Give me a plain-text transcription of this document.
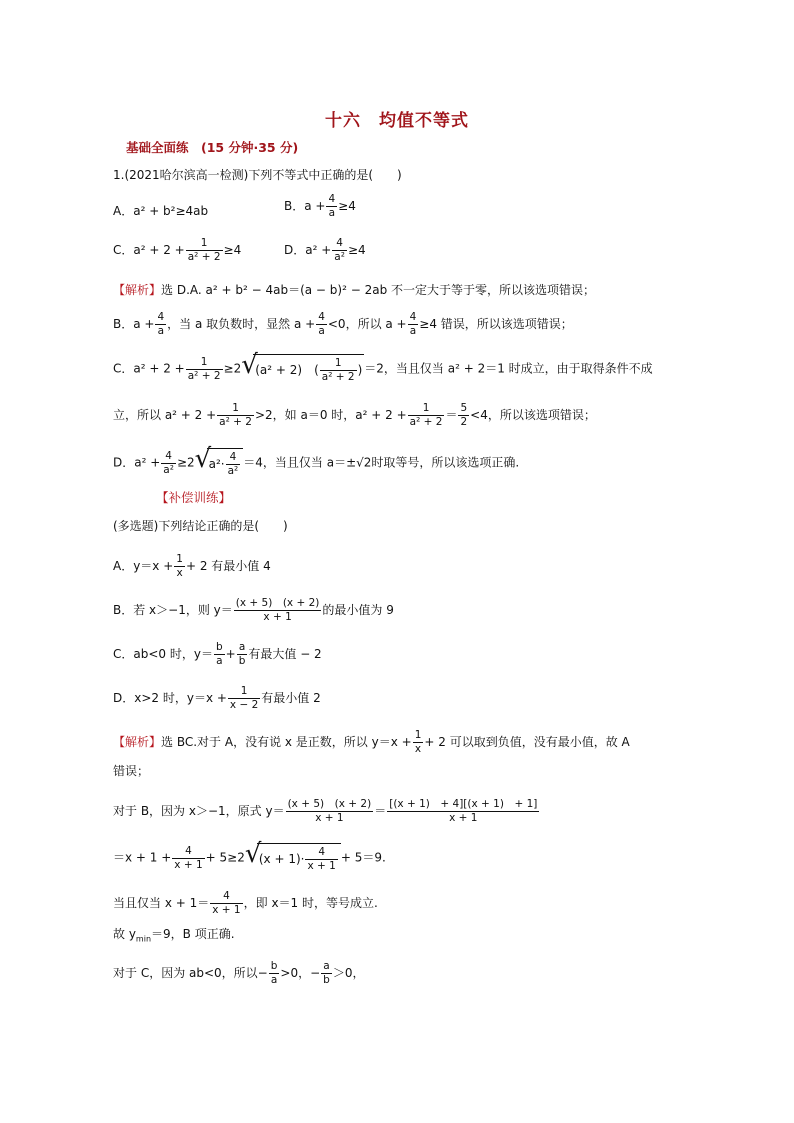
十六 均值不等式
基础全面练　(15 分钟·35 分)
1.(2021哈尔滨高一检测)下列不等式中正确的是(　　)
A．a² + b²≥4ab	B．$a + \frac{4}{a} \ge 4$
C．$a^2 + 2 + \frac{1}{\text{a² + 2}} \ge 4$	D．$a^2 + \frac{4}{\text{a²}} \ge 4$
【解析】选 D.A. a² + b² − 4ab＝(a − b)² − 2ab 不一定大于等于零，所以该选项错误；
B．$a + \frac{4}{a}$ ，当 a 取负数时，显然 $a + \frac{4}{a} <0$，所以 $a + \frac{4}{a} \ge 4$ 错误，所以该选项错误；
C．$a^2 + 2 + \frac{1}{\text{a² + 2}} \ge 2$ √
(a² + 2)　( $\frac{1}{\text{a² + 2}}$ ) ＝2，当且仅当 a² + 2＝1 时成立，由于取得条件不成
立，所以 $a^2 + 2 + \frac{1}{\text{a² + 2}} >2$，如 a＝0 时，$a^2 + 2 + \frac{1}{\text{a² + 2}} = \frac{5}{2} <4$，所以该选项错误；
D．$a^2 + \frac{4}{\text{a²}} \ge 2$ √
$a^2\cdot \frac{4}{\text{a²}} =4$，当且仅当 a＝±√2时取等号，所以该选项正确.
【补偿训练】
(多选题)下列结论正确的是(　　)
A．$y=x + \frac{1}{x} + 2$ 有最小值 4
B．若 x＞−1，则 $y= \frac{(x + 5) (x + 2)}{x + 1}$ 的最小值为 9
C．ab<0 时，$y= \frac{b}{a} + \frac{a}{b}$ 有最大值 − 2
D．x>2 时，$y=x + \frac{1}{x - 2}$ 有最小值 2
【解析】选 BC.对于 A，没有说 x 是正数，所以 $y=x + \frac{1}{x} + 2$ 可以取到负值，没有最小值，故 A
错误；
对于 B，因为 x＞−1，原式 $y= \frac{(x + 5) (x + 2)}{x + 1} = \frac{[(x + 1) + 4][(x + 1) + 1]}{x + 1}$
$=x + 1 + \frac{4}{x + 1} + 5\ge 2$ √
$(x + 1)\cdot \frac{4}{x + 1} + 5=9$.
当且仅当 $x + 1= \frac{4}{x + 1}$ ，即 x＝1 时，等号成立.
故 $y_{min}=9$，B 项正确.
对于 C，因为 ab<0，所以− $\frac{b}{a} >0$，− $\frac{a}{b} >0$，
